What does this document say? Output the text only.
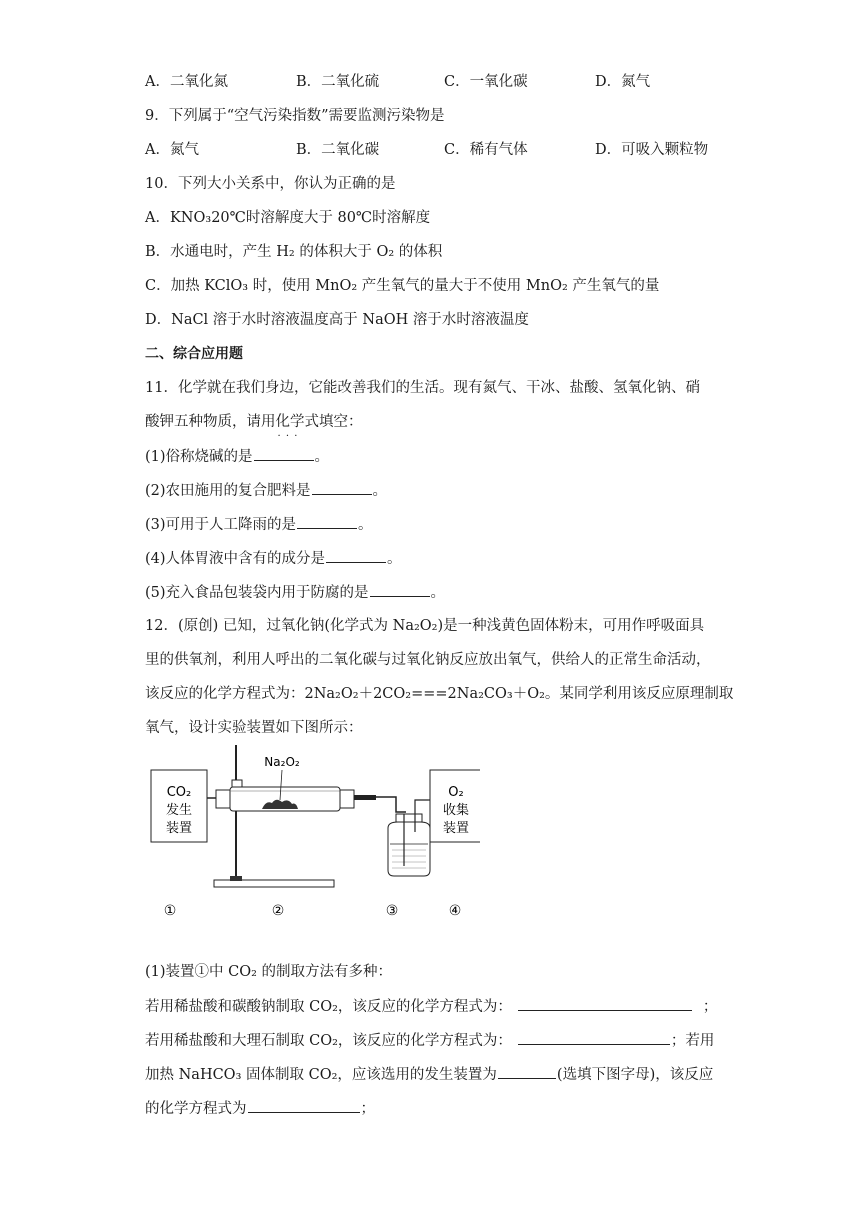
A．二氧化氮	B．二氧化硫	C．一氧化碳	D．氮气
9．下列属于“空气污染指数”需要监测污染物是
A．氮气	B．二氧化碳	C．稀有气体	D．可吸入颗粒物
10．下列大小关系中，你认为正确的是
A．KNO₃20℃时溶解度大于 80℃时溶解度
B．水通电时，产生 H₂ 的体积大于 O₂ 的体积
C．加热 KClO₃ 时，使用 MnO₂ 产生氧气的量大于不使用 MnO₂ 产生氧气的量
D．NaCl 溶于水时溶液温度高于 NaOH 溶于水时溶液温度
二、综合应用题
11．化学就在我们身边，它能改善我们的生活。现有氮气、干冰、盐酸、氢氧化钠、硝
酸钾五种物质，请用化学式 · · ·填空：
(1)俗称烧碱的是	。
(2)农田施用的复合肥料是	。
(3)可用于人工降雨的是	。
(4)人体胃液中含有的成分是	。
(5)充入食品包装袋内用于防腐的是	。
12．(原创) 已知，过氧化钠(化学式为 Na₂O₂)是一种浅黄色固体粉末，可用作呼吸面具
里的供氧剂，利用人呼出的二氧化碳与过氧化钠反应放出氧气，供给人的正常生命活动，
该反应的化学方程式为：2Na₂O₂＋2CO₂===2Na₂CO₃＋O₂。某同学利用该反应原理制取
氧气，设计实验装置如下图所示：
CO₂
发生
装置
Na₂O₂
O₂
收集
装置
①	②	③	④
(1)装置①中 CO₂ 的制取方法有多种：
若用稀盐酸和碳酸钠制取 CO₂，该反应的化学方程式为：	；
若用稀盐酸和大理石制取 CO₂，该反应的化学方程式为：	；若用
加热 NaHCO₃ 固体制取 CO₂，应该选用的发生装置为	(选填下图字母)，该反应
的化学方程式为	；
